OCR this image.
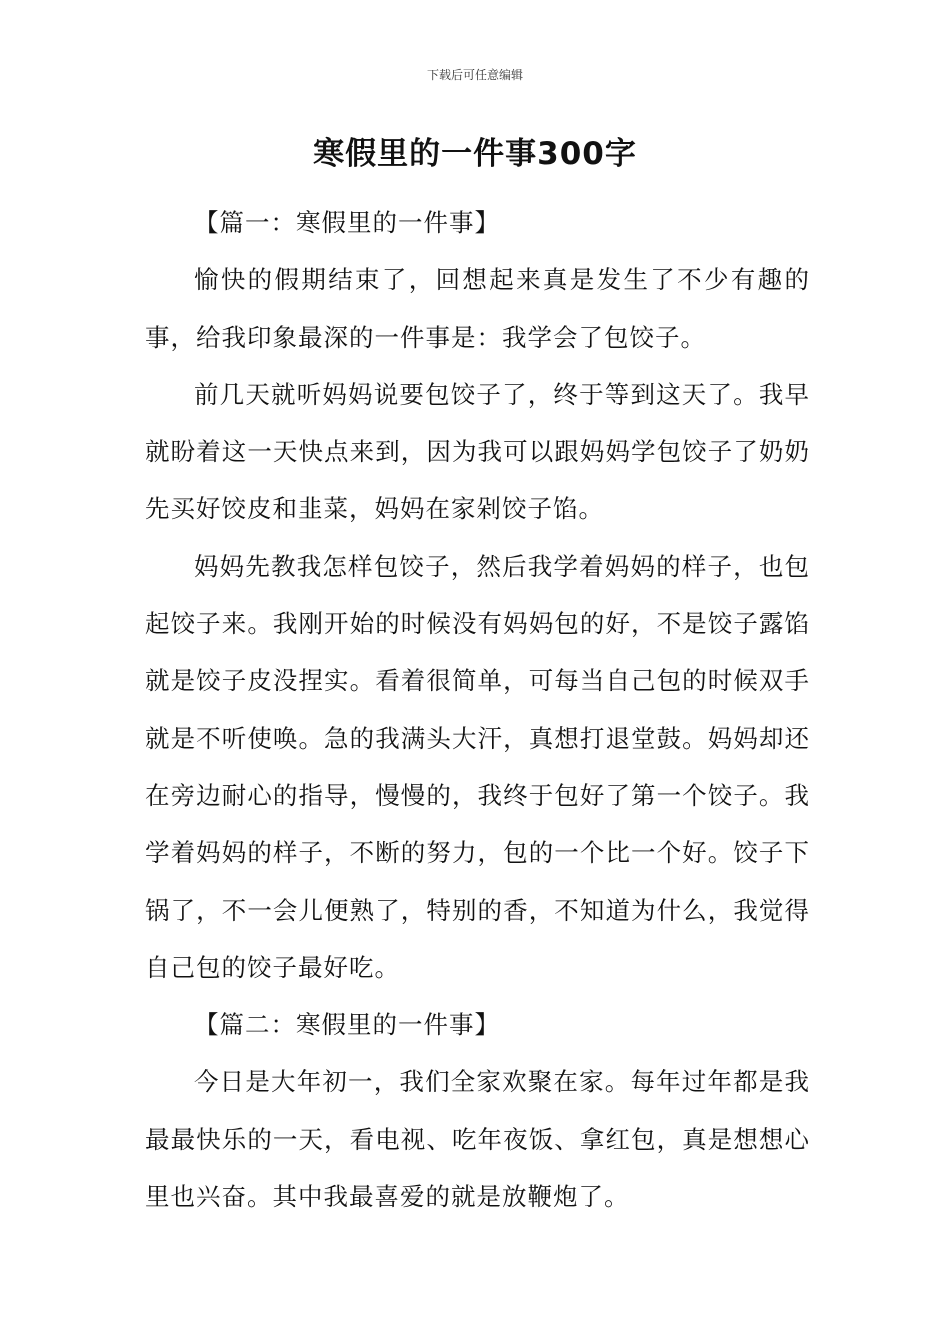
下载后可任意编辑
寒假里的一件事300字

【篇一：寒假里的一件事】

愉快的假期结束了，回想起来真是发生了不少有趣的事，给我印象最深的一件事是：我学会了包饺子。

前几天就听妈妈说要包饺子了，终于等到这天了。我早就盼着这一天快点来到，因为我可以跟妈妈学包饺子了奶奶先买好饺皮和韭菜，妈妈在家剁饺子馅。

妈妈先教我怎样包饺子，然后我学着妈妈的样子，也包起饺子来。我刚开始的时候没有妈妈包的好，不是饺子露馅就是饺子皮没捏实。看着很简单，可每当自己包的时候双手就是不听使唤。急的我满头大汗，真想打退堂鼓。妈妈却还在旁边耐心的指导，慢慢的，我终于包好了第一个饺子。我学着妈妈的样子，不断的努力，包的一个比一个好。饺子下锅了，不一会儿便熟了，特别的香，不知道为什么，我觉得自己包的饺子最好吃。

【篇二：寒假里的一件事】

今日是大年初一，我们全家欢聚在家。每年过年都是我最最快乐的一天，看电视、吃年夜饭、拿红包，真是想想心里也兴奋。其中我最喜爱的就是放鞭炮了。
